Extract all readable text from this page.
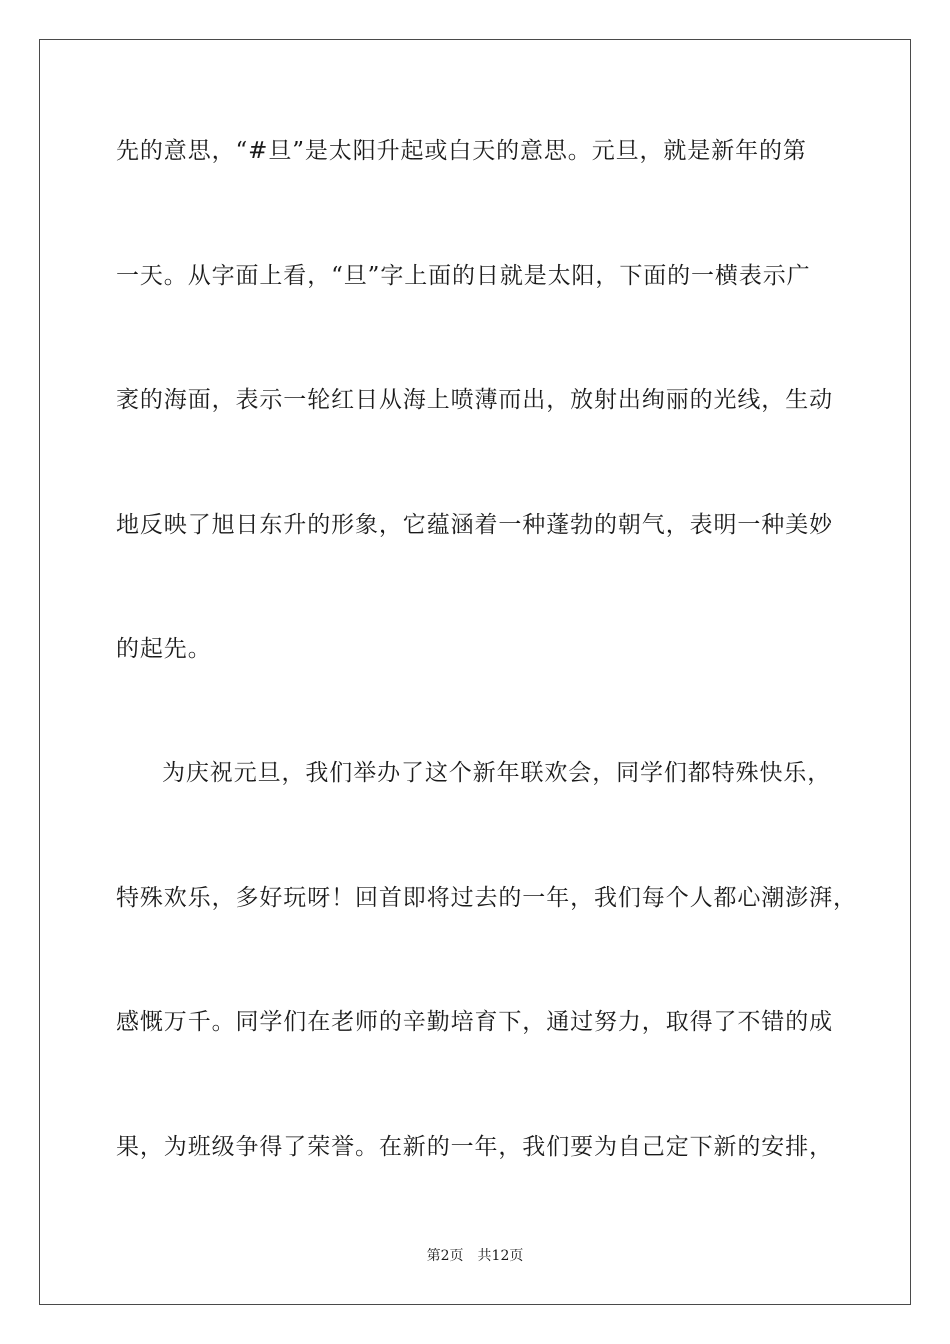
先的意思，“#旦”是太阳升起或白天的意思。元旦，就是新年的第
一天。从字面上看，“旦”字上面的日就是太阳，下面的一横表示广
袤的海面，表示一轮红日从海上喷薄而出，放射出绚丽的光线，生动
地反映了旭日东升的形象，它蕴涵着一种蓬勃的朝气，表明一种美妙
的起先。
为庆祝元旦，我们举办了这个新年联欢会，同学们都特殊快乐，
特殊欢乐，多好玩呀！回首即将过去的一年，我们每个人都心潮澎湃，
感慨万千。同学们在老师的辛勤培育下，通过努力，取得了不错的成
果，为班级争得了荣誉。在新的一年，我们要为自己定下新的安排，
第2页　共12页
